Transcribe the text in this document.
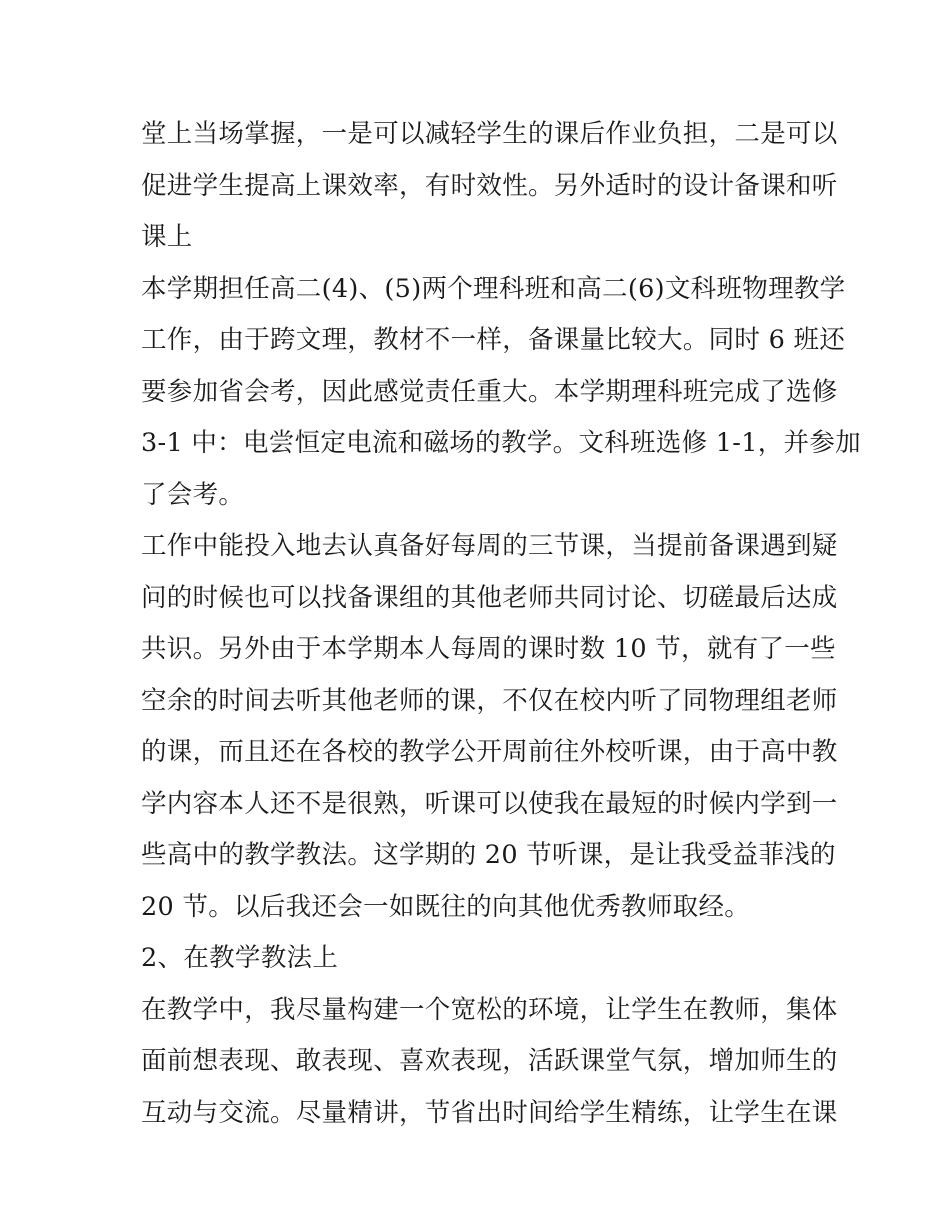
堂上当场掌握，一是可以减轻学生的课后作业负担，二是可以
促进学生提高上课效率，有时效性。另外适时的设计备课和听
课上
本学期担任高二(4)、(5)两个理科班和高二(6)文科班物理教学
工作，由于跨文理，教材不一样，备课量比较大。同时 6 班还
要参加省会考，因此感觉责任重大。本学期理科班完成了选修
3-1 中：电尝恒定电流和磁场的教学。文科班选修 1-1，并参加
了会考。
工作中能投入地去认真备好每周的三节课，当提前备课遇到疑
问的时候也可以找备课组的其他老师共同讨论、切磋最后达成
共识。另外由于本学期本人每周的课时数 10 节，就有了一些
空余的时间去听其他老师的课，不仅在校内听了同物理组老师
的课，而且还在各校的教学公开周前往外校听课，由于高中教
学内容本人还不是很熟，听课可以使我在最短的时候内学到一
些高中的教学教法。这学期的 20 节听课，是让我受益菲浅的
20 节。以后我还会一如既往的向其他优秀教师取经。
2、在教学教法上
在教学中，我尽量构建一个宽松的环境，让学生在教师，集体
面前想表现、敢表现、喜欢表现，活跃课堂气氛，增加师生的
互动与交流。尽量精讲，节省出时间给学生精练，让学生在课
